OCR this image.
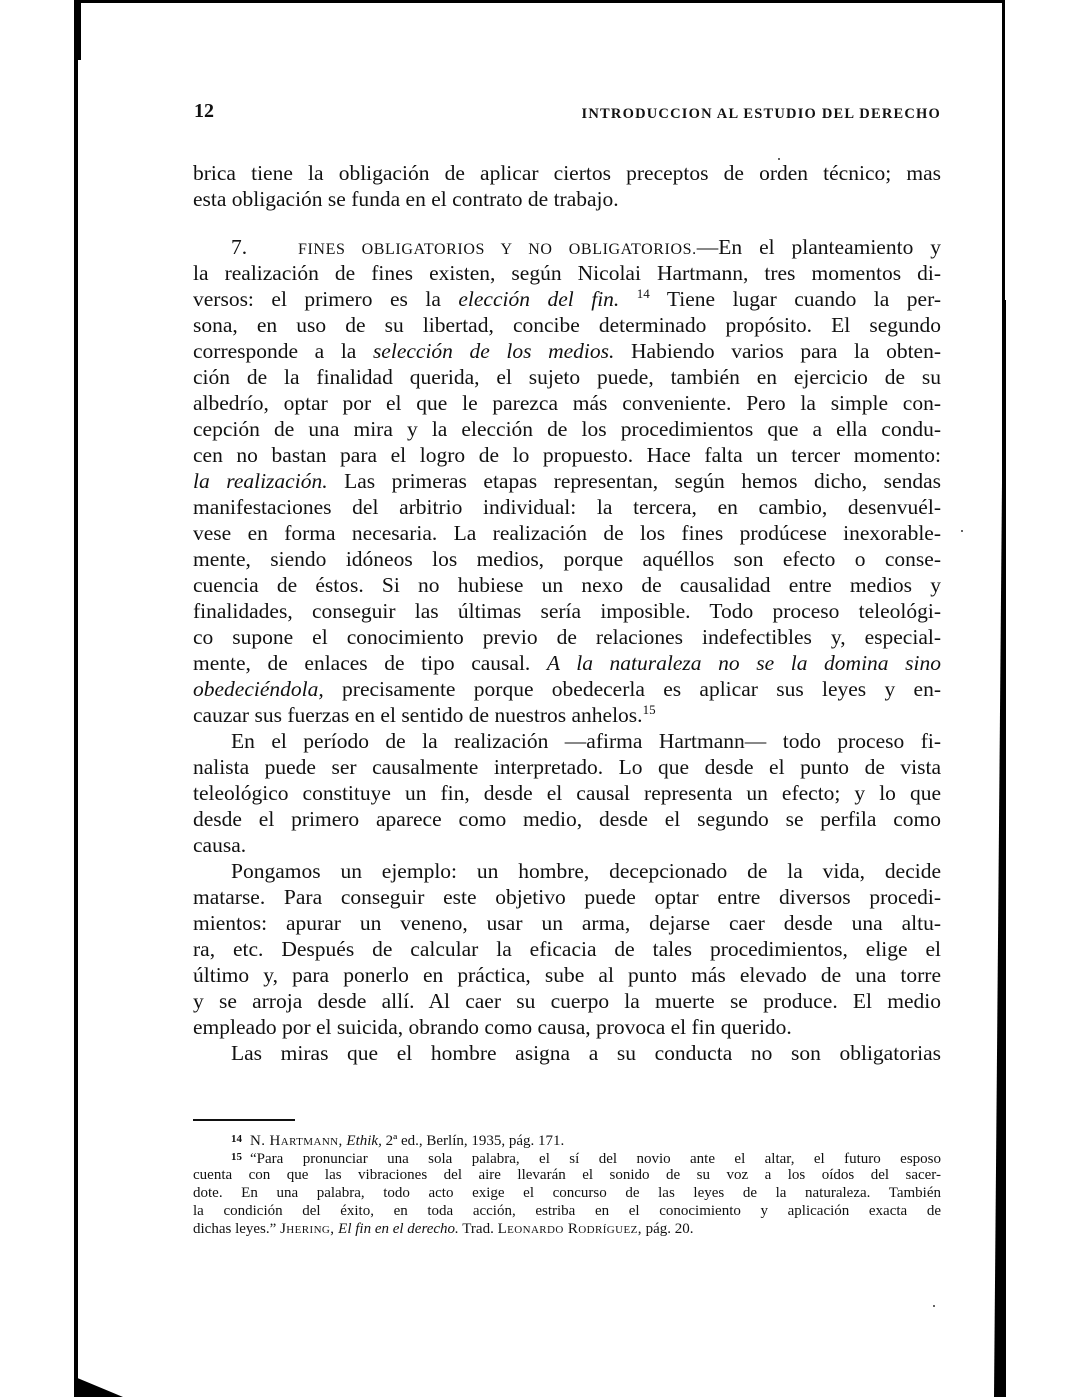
12	INTRODUCCION AL ESTUDIO DEL DERECHO
brica tiene la obligación de aplicar ciertos preceptos de orden técnico; mas
esta obligación se funda en el contrato de trabajo.
7.	FINES OBLIGATORIOS Y NO OBLIGATORIOS.—En el planteamiento y
la realización de fines existen, según Nicolai Hartmann, tres momentos di-
versos: el primero es la elección del fin. $^{14}$ Tiene lugar cuando la per-
sona, en uso de su libertad, concibe determinado propósito. El segundo
corresponde a la selección de los medios. Habiendo varios para la obten-
ción de la finalidad querida, el sujeto puede, también en ejercicio de su
albedrío, optar por el que le parezca más conveniente. Pero la simple con-
cepción de una mira y la elección de los procedimientos que a ella condu-
cen no bastan para el logro de lo propuesto. Hace falta un tercer momento:
la realización. Las primeras etapas representan, según hemos dicho, sendas
manifestaciones del arbitrio individual: la tercera, en cambio, desenvuél-
vese en forma necesaria. La realización de los fines prodúcese inexorable-
mente, siendo idóneos los medios, porque aquéllos son efecto o conse-
cuencia de éstos. Si no hubiese un nexo de causalidad entre medios y
finalidades, conseguir las últimas sería imposible. Todo proceso teleológi-
co supone el conocimiento previo de relaciones indefectibles y, especial-
mente, de enlaces de tipo causal. A la naturaleza no se la domina sino
obedeciéndola, precisamente porque obedecerla es aplicar sus leyes y en-
cauzar sus fuerzas en el sentido de nuestros anhelos.$^{15}$
En el período de la realización —afirma Hartmann— todo proceso fi-
nalista puede ser causalmente interpretado. Lo que desde el punto de vista
teleológico constituye un fin, desde el causal representa un efecto; y lo que
desde el primero aparece como medio, desde el segundo se perfila como
causa.
Pongamos un ejemplo: un hombre, decepcionado de la vida, decide
matarse. Para conseguir este objetivo puede optar entre diversos procedi-
mientos: apurar un veneno, usar un arma, dejarse caer desde una altu-
ra, etc. Después de calcular la eficacia de tales procedimientos, elige el
último y, para ponerlo en práctica, sube al punto más elevado de una torre
y se arroja desde allí. Al caer su cuerpo la muerte se produce. El medio
empleado por el suicida, obrando como causa, provoca el fin querido.
Las miras que el hombre asigna a su conducta no son obligatorias
$^{14}$ N. Hartmann, Ethik, 2ª ed., Berlín, 1935, pág. 171.
$^{15}$ “Para pronunciar una sola palabra, el sí del novio ante el altar, el futuro esposo
cuenta con que las vibraciones del aire llevarán el sonido de su voz a los oídos del sacer-
dote. En una palabra, todo acto exige el concurso de las leyes de la naturaleza. También
la condición del éxito, en toda acción, estriba en el conocimiento y aplicación exacta de
dichas leyes.” Jhering, El fin en el derecho. Trad. Leonardo Rodríguez, pág. 20.
